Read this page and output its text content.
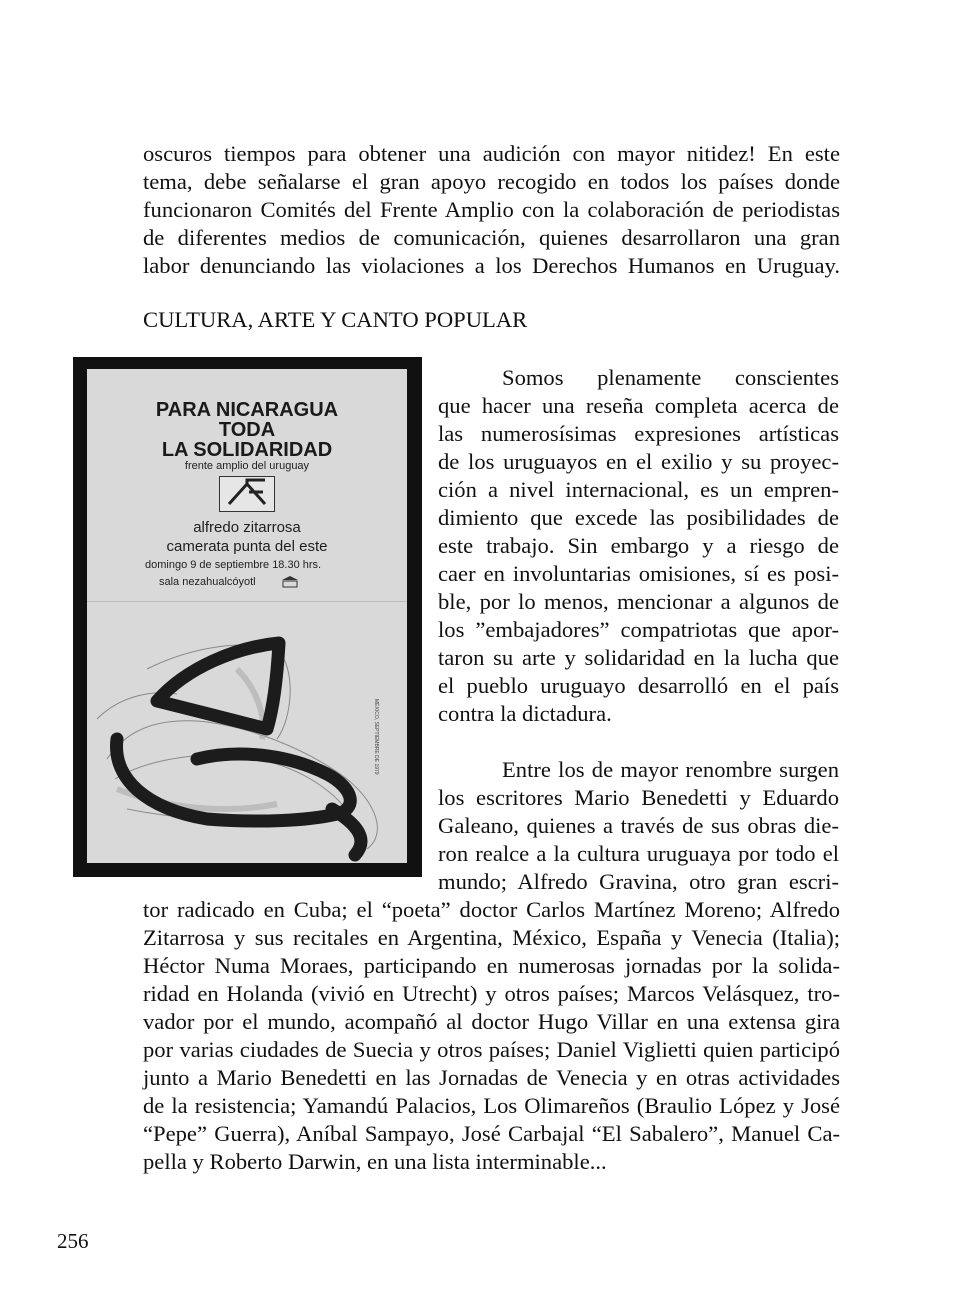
oscuros tiempos para obtener una audición con mayor nitidez! En este

tema, debe señalarse el gran apoyo recogido en todos los países donde

funcionaron Comités del Frente Amplio con la colaboración de periodistas

de diferentes medios de comunicación, quienes desarrollaron una gran

labor denunciando las violaciones a los Derechos Humanos en Uruguay.

CULTURA, ARTE Y CANTO POPULAR

PARA NICARAGUA

TODA

LA SOLIDARIDAD

frente amplio del uruguay

alfredo zitarrosa

camerata punta del este

domingo 9 de septiembre 18.30 hrs.

sala nezahualcóyotl

MÉXICO, SEPTIEMBRE DE 1979

Somos plenamente conscientes

que hacer una reseña completa acerca de

las numerosísimas expresiones artísticas

de los uruguayos en el exilio y su proyec-

ción a nivel internacional, es un empren-

dimiento que excede las posibilidades de

este trabajo. Sin embargo y a riesgo de

caer en involuntarias omisiones, sí es posi-

ble, por lo menos, mencionar a algunos de

los ”embajadores” compatriotas que apor-

taron su arte y solidaridad en la lucha que

el pueblo uruguayo desarrolló en el país

contra la dictadura.

Entre los de mayor renombre surgen

los escritores Mario Benedetti y Eduardo

Galeano, quienes a través de sus obras die-

ron realce a la cultura uruguaya por todo el

mundo; Alfredo Gravina, otro gran escri-

tor radicado en Cuba; el “poeta” doctor Carlos Martínez Moreno; Alfredo

Zitarrosa y sus recitales en Argentina, México, España y Venecia (Italia);

Héctor Numa Moraes, participando en numerosas jornadas por la solida-

ridad en Holanda (vivió en Utrecht) y otros países; Marcos Velásquez, tro-

vador por el mundo, acompañó al doctor Hugo Villar en una extensa gira

por varias ciudades de Suecia y otros países; Daniel Viglietti quien participó

junto a Mario Benedetti en las Jornadas de Venecia y en otras actividades

de la resistencia; Yamandú Palacios, Los Olimareños (Braulio López y José

“Pepe” Guerra), Aníbal Sampayo, José Carbajal “El Sabalero”, Manuel Ca-

pella y Roberto Darwin, en una lista interminable...

256
